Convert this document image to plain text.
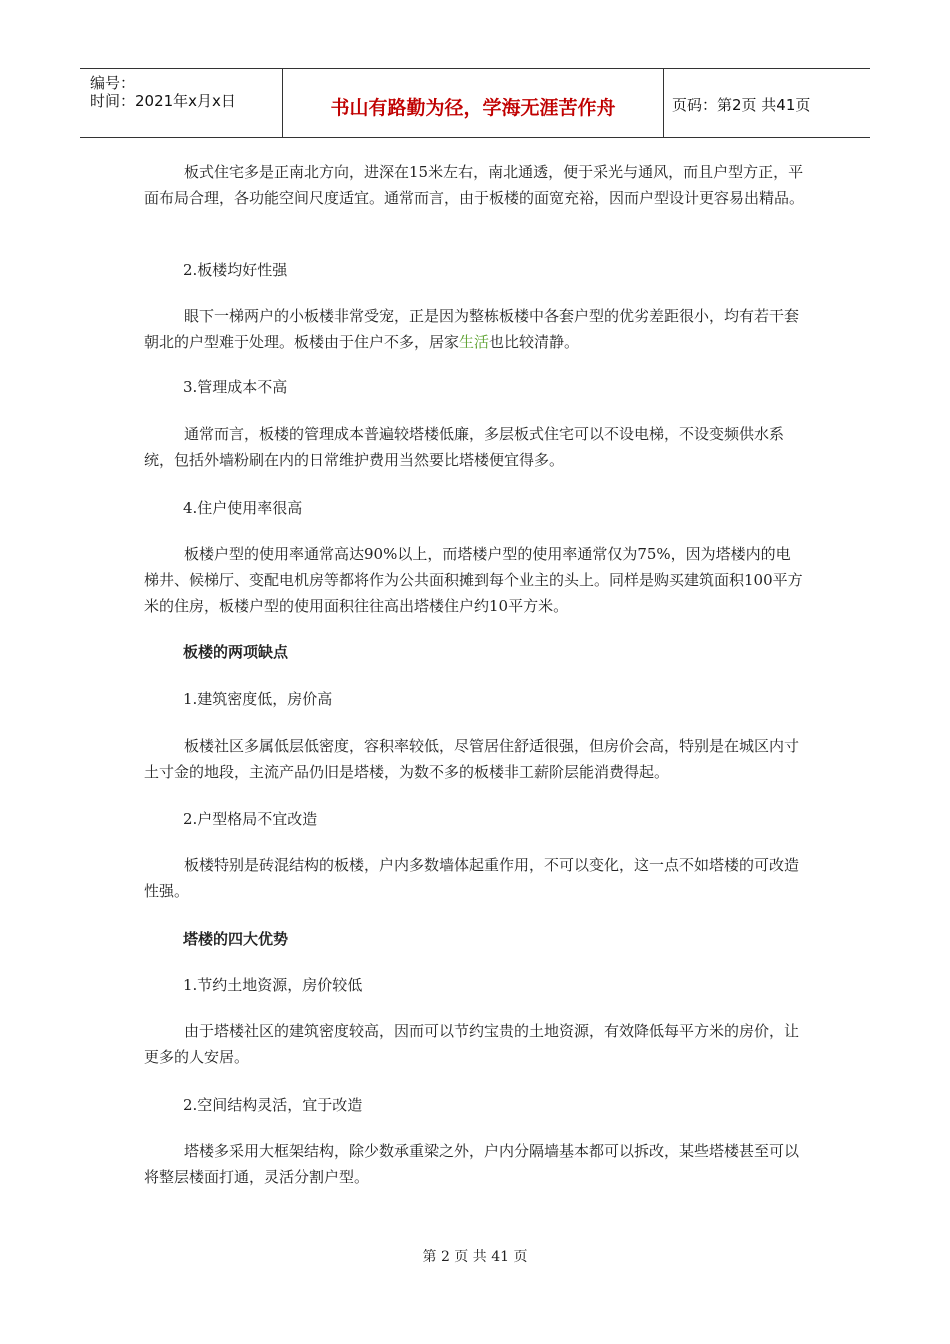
编号：
时间：2021年x月x日	书山有路勤为径，学海无涯苦作舟	页码：第2页 共41页

板式住宅多是正南北方向，进深在15米左右，南北通透，便于采光与通风，而且户型方正，平面布局合理，各功能空间尺度适宜。通常而言，由于板楼的面宽充裕，因而户型设计更容易出精品。

2.板楼均好性强

眼下一梯两户的小板楼非常受宠，正是因为整栋板楼中各套户型的优劣差距很小，均有若干套朝北的户型难于处理。板楼由于住户不多，居家生活也比较清静。

3.管理成本不高

通常而言，板楼的管理成本普遍较塔楼低廉，多层板式住宅可以不设电梯，不设变频供水系统，包括外墙粉刷在内的日常维护费用当然要比塔楼便宜得多。

4.住户使用率很高

板楼户型的使用率通常高达90%以上，而塔楼户型的使用率通常仅为75%，因为塔楼内的电梯井、候梯厅、变配电机房等都将作为公共面积摊到每个业主的头上。同样是购买建筑面积100平方米的住房，板楼户型的使用面积往往高出塔楼住户约10平方米。

板楼的两项缺点

1.建筑密度低，房价高

板楼社区多属低层低密度，容积率较低，尽管居住舒适很强，但房价会高，特别是在城区内寸土寸金的地段，主流产品仍旧是塔楼，为数不多的板楼非工薪阶层能消费得起。

2.户型格局不宜改造

板楼特别是砖混结构的板楼，户内多数墙体起重作用，不可以变化，这一点不如塔楼的可改造性强。

塔楼的四大优势

1.节约土地资源，房价较低

由于塔楼社区的建筑密度较高，因而可以节约宝贵的土地资源，有效降低每平方米的房价，让更多的人安居。

2.空间结构灵活，宜于改造

塔楼多采用大框架结构，除少数承重梁之外，户内分隔墙基本都可以拆改，某些塔楼甚至可以将整层楼面打通，灵活分割户型。

第 2 页 共 41 页
